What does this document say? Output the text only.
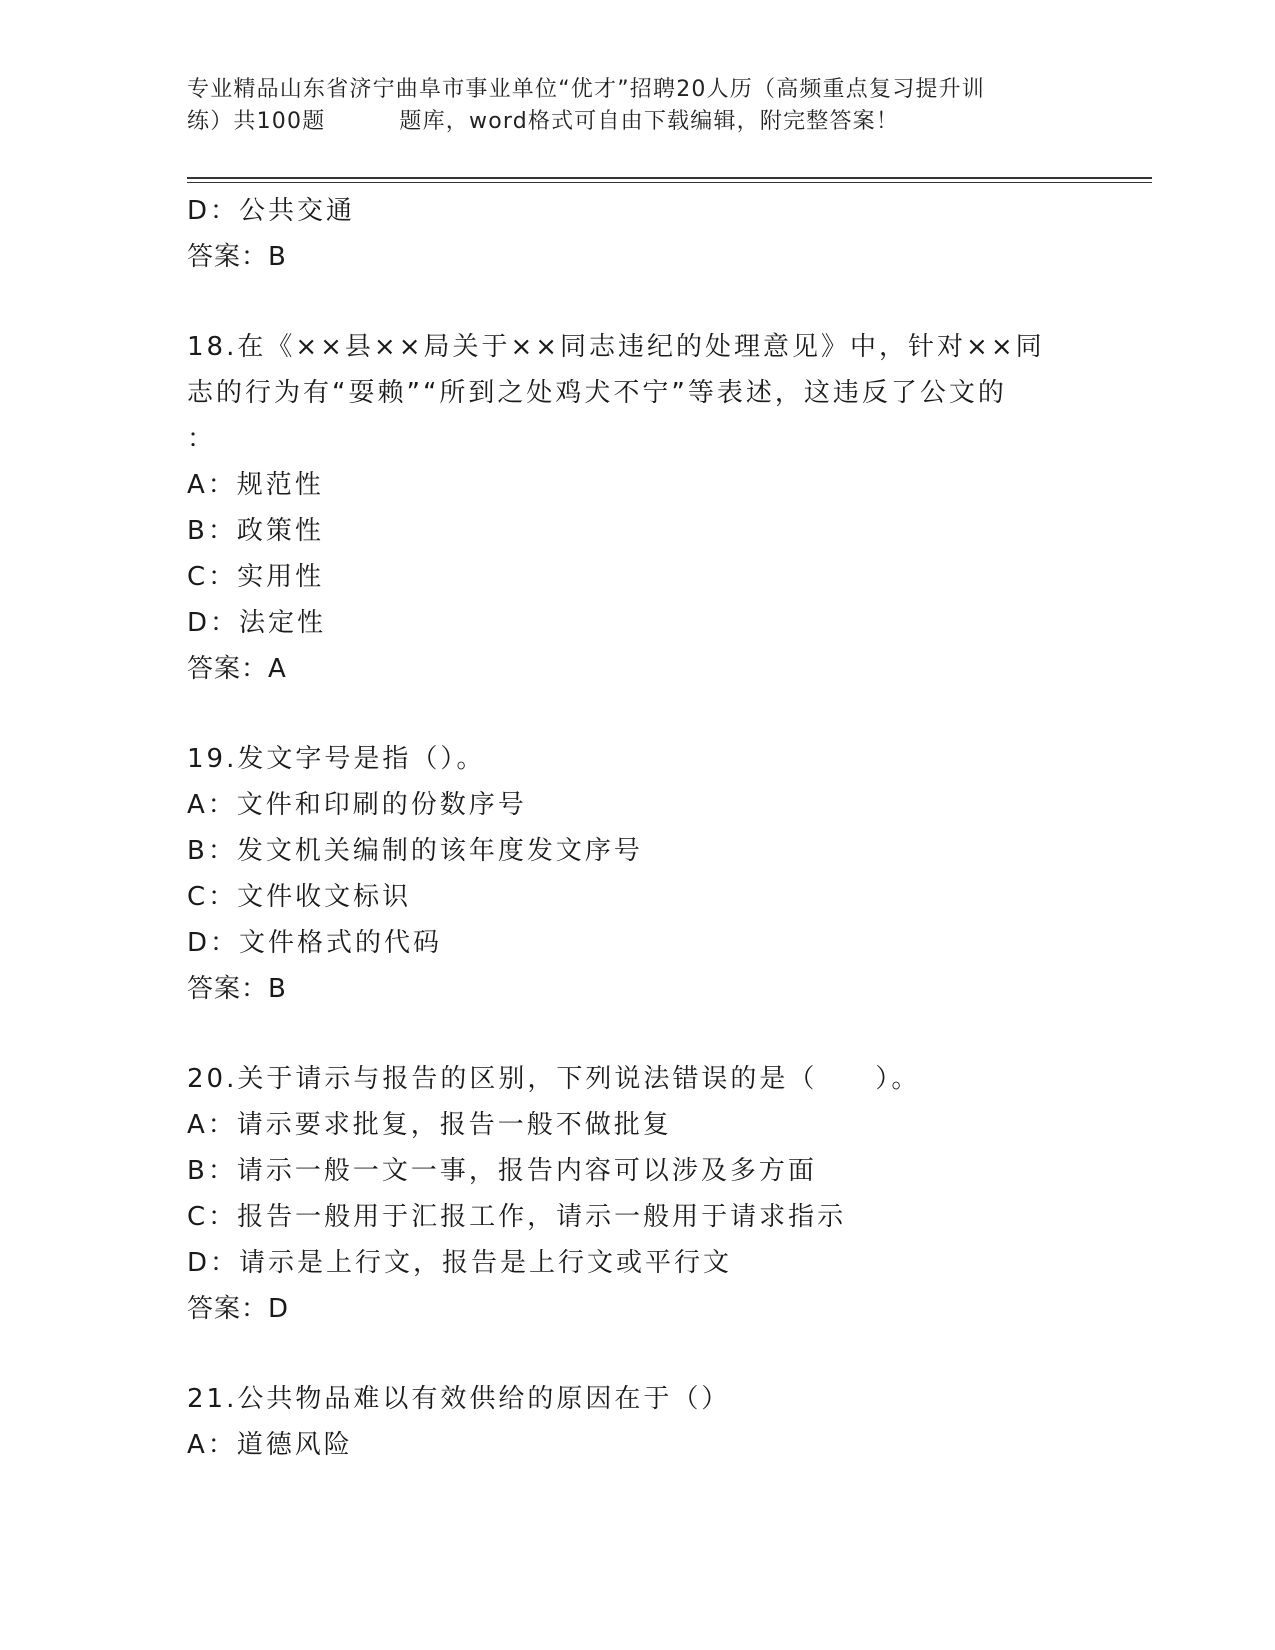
专业精品山东省济宁曲阜市事业单位“优才”招聘20人历（高频重点复习提升训
练）共100题	题库，word格式可自由下载编辑，附完整答案！
D：公共交通
答案：B
18.在《××县××局关于××同志违纪的处理意见》中，针对××同
志的行为有“耍赖”“所到之处鸡犬不宁”等表述，这违反了公文的
：
A：规范性
B：政策性
C：实用性
D：法定性
答案：A
19.发文字号是指（）。
A：文件和印刷的份数序号
B：发文机关编制的该年度发文序号
C：文件收文标识
D：文件格式的代码
答案：B
20.关于请示与报告的区别，下列说法错误的是（　　）。
A：请示要求批复，报告一般不做批复
B：请示一般一文一事，报告内容可以涉及多方面
C：报告一般用于汇报工作，请示一般用于请求指示
D：请示是上行文，报告是上行文或平行文
答案：D
21.公共物品难以有效供给的原因在于（）
A：道德风险
